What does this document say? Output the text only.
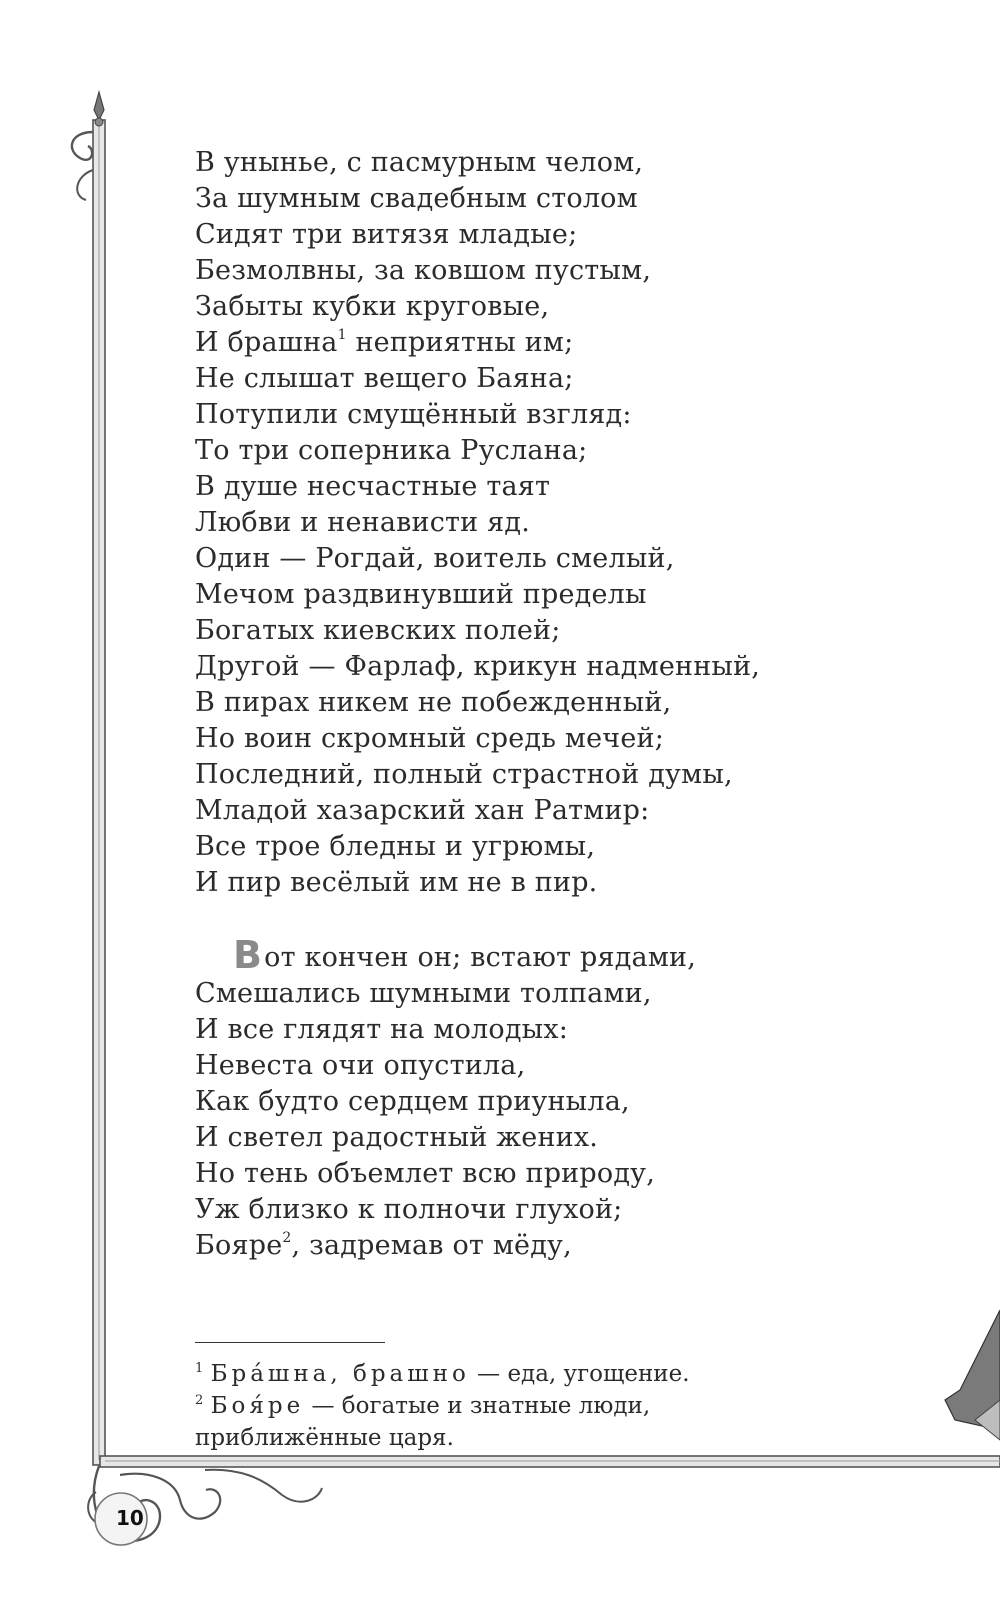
В унынье, с пасмурным челом,
За шумным свадебным столом
Сидят три витязя младые;
Безмолвны, за ковшом пустым,
Забыты кубки круговые,
И брашна$^1$ неприятны им;
Не слышат вещего Баяна;
Потупили смущённый взгляд:
То три соперника Руслана;
В душе несчастные таят
Любви и ненависти яд.
Один — Рогдай, воитель смелый,
Мечом раздвинувший пределы
Богатых киевских полей;
Другой — Фарлаф, крикун надменный,
В пирах никем не побежденный,
Но воин скромный средь мечей;
Последний, полный страстной думы,
Младой хазарский хан Ратмир:
Все трое бледны и угрюмы,
И пир весёлый им не в пир.
Вот кончен он; встают рядами,
Смешались шумными толпами,
И все глядят на молодых:
Невеста очи опустила,
Как будто сердцем приуныла,
И светел радостный жених.
Но тень объемлет всю природу,
Уж близко к полночи глухой;
Бояре$^2$, задремав от мёду,
$^1$ Бра́шна, брашно — еда, угощение.
$^2$ Боя́ре — богатые и знатные люди,
приближённые царя.
10
